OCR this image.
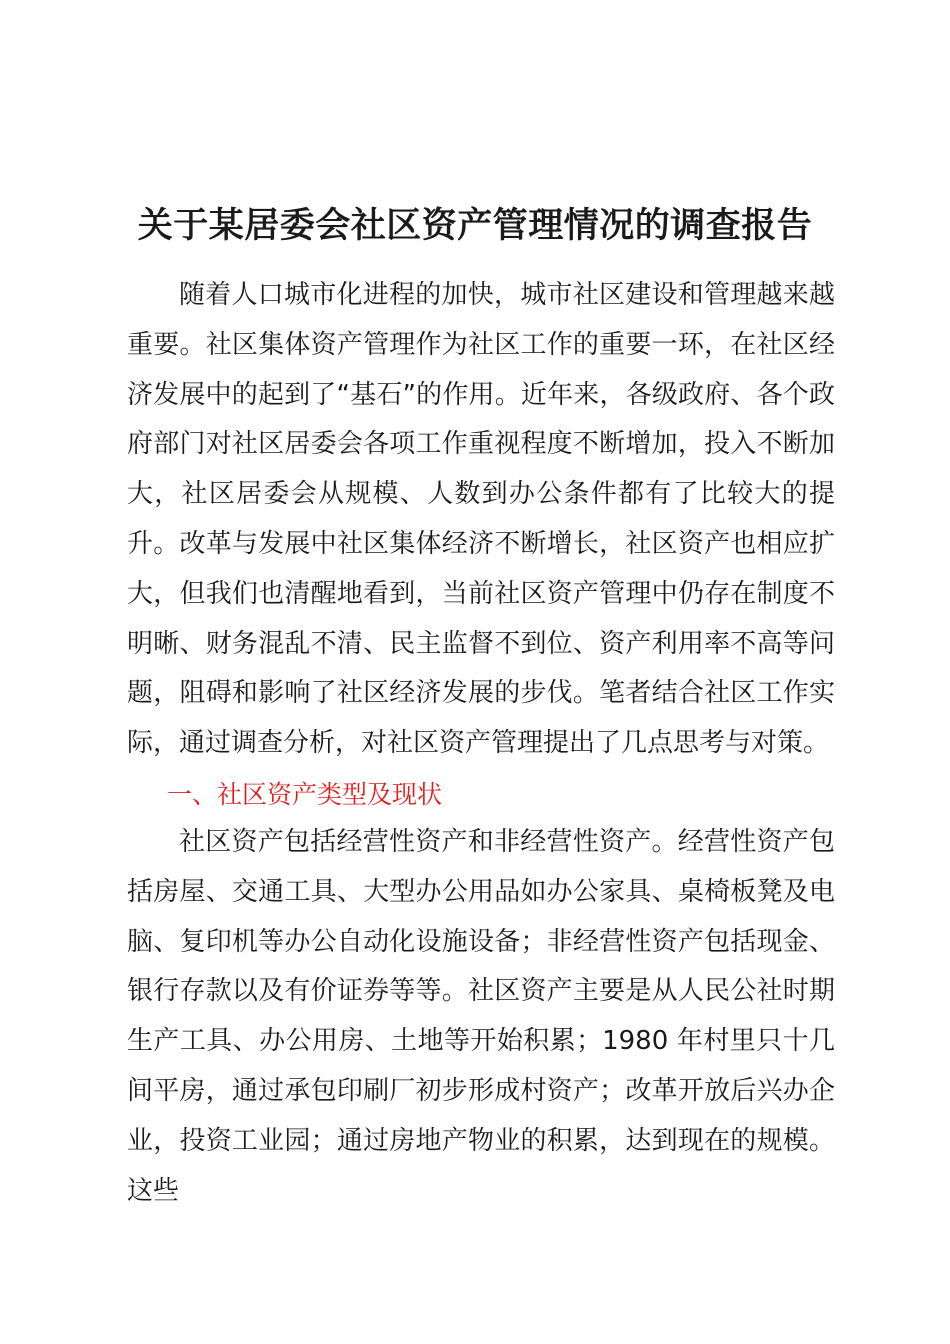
关于某居委会社区资产管理情况的调查报告
随着人口城市化进程的加快，城市社区建设和管理越来越重要。社区集体资产管理作为社区工作的重要一环，在社区经济发展中的起到了“基石”的作用。近年来，各级政府、各个政府部门对社区居委会各项工作重视程度不断增加，投入不断加大，社区居委会从规模、人数到办公条件都有了比较大的提升。改革与发展中社区集体经济不断增长，社区资产也相应扩大，但我们也清醒地看到，当前社区资产管理中仍存在制度不明晰、财务混乱不清、民主监督不到位、资产利用率不高等问题，阻碍和影响了社区经济发展的步伐。笔者结合社区工作实际，通过调查分析，对社区资产管理提出了几点思考与对策。
一、社区资产类型及现状
社区资产包括经营性资产和非经营性资产。经营性资产包括房屋、交通工具、大型办公用品如办公家具、桌椅板凳及电脑、复印机等办公自动化设施设备；非经营性资产包括现金、银行存款以及有价证券等等。社区资产主要是从人民公社时期生产工具、办公用房、土地等开始积累；1980 年村里只十几间平房，通过承包印刷厂初步形成村资产；改革开放后兴办企业，投资工业园；通过房地产物业的积累，达到现在的规模。这些
